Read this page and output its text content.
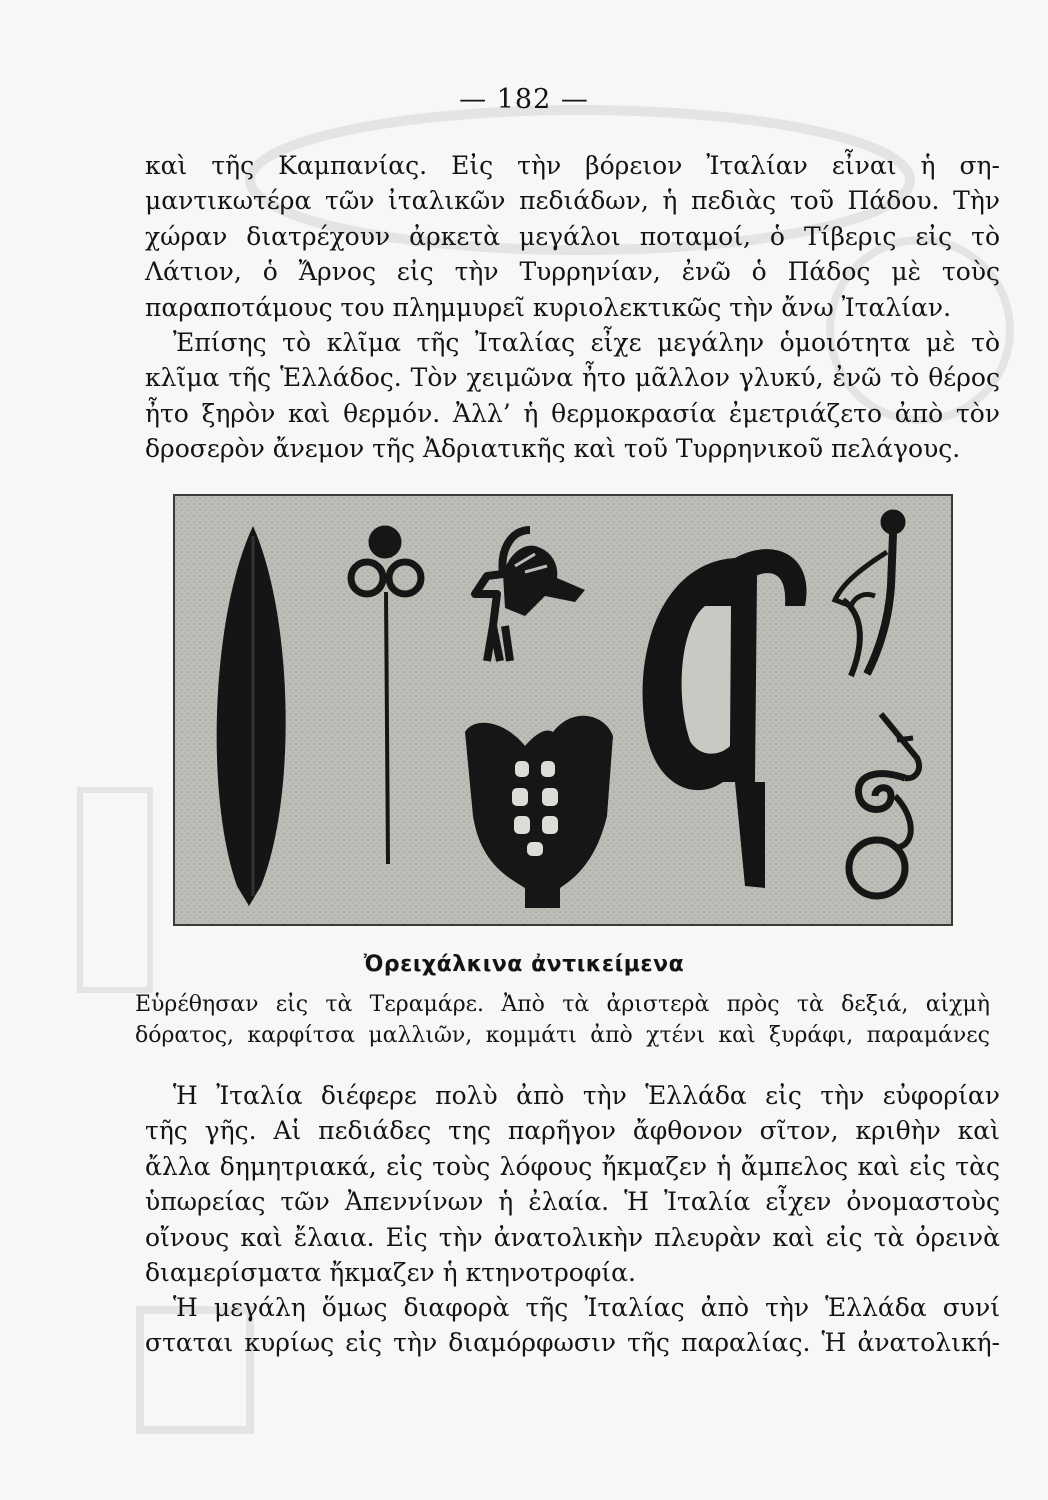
— 182 —
καὶ τῆς Καμπανίας. Εἰς τὴν βόρειον Ἰταλίαν εἶναι ἡ ση-
μαντικωτέρα τῶν ἰταλικῶν πεδιάδων, ἡ πεδιὰς τοῦ Πάδου. Τὴν
χώραν διατρέχουν ἀρκετὰ μεγάλοι ποταμοί, ὁ Τίβερις εἰς τὸ
Λάτιον, ὁ Ἄρνος εἰς τὴν Τυρρηνίαν, ἐνῶ ὁ Πάδος μὲ τοὺς
παραποτάμους του πλημμυρεῖ κυριολεκτικῶς τὴν ἄνω Ἰταλίαν.
Ἐπίσης τὸ κλῖμα τῆς Ἰταλίας εἶχε μεγάλην ὁμοιότητα μὲ τὸ
κλῖμα τῆς Ἑλλάδος. Τὸν χειμῶνα ἦτο μᾶλλον γλυκύ, ἐνῶ τὸ θέρος
ἦτο ξηρὸν καὶ θερμόν. Ἀλλ’ ἡ θερμοκρασία ἐμετριάζετο ἀπὸ τὸν
δροσερὸν ἄνεμον τῆς Ἀδριατικῆς καὶ τοῦ Τυρρηνικοῦ πελάγους.
Ὀρειχάλκινα ἀντικείμενα
Εὑρέθησαν εἰς τὰ Τεραμάρε. Ἀπὸ τὰ ἀριστερὰ πρὸς τὰ δεξιά, αἰχμὴ
δόρατος, καρφίτσα μαλλιῶν, κομμάτι ἀπὸ χτένι καὶ ξυράφι, παραμάνες
Ἡ Ἰταλία διέφερε πολὺ ἀπὸ τὴν Ἑλλάδα εἰς τὴν εὐφορίαν
τῆς γῆς. Αἱ πεδιάδες της παρῆγον ἄφθονον σῖτον, κριθὴν καὶ
ἄλλα δημητριακά, εἰς τοὺς λόφους ἤκμαζεν ἡ ἄμπελος καὶ εἰς τὰς
ὑπωρείας τῶν Ἀπεννίνων ἡ ἐλαία. Ἡ Ἰταλία εἶχεν ὀνομαστοὺς
οἴνους καὶ ἔλαια. Εἰς τὴν ἀνατολικὴν πλευρὰν καὶ εἰς τὰ ὀρεινὰ
διαμερίσματα ἤκμαζεν ἡ κτηνοτροφία.
Ἡ μεγάλη ὅμως διαφορὰ τῆς Ἰταλίας ἀπὸ τὴν Ἑλλάδα συνί
σταται κυρίως εἰς τὴν διαμόρφωσιν τῆς παραλίας. Ἡ ἀνατολική-
